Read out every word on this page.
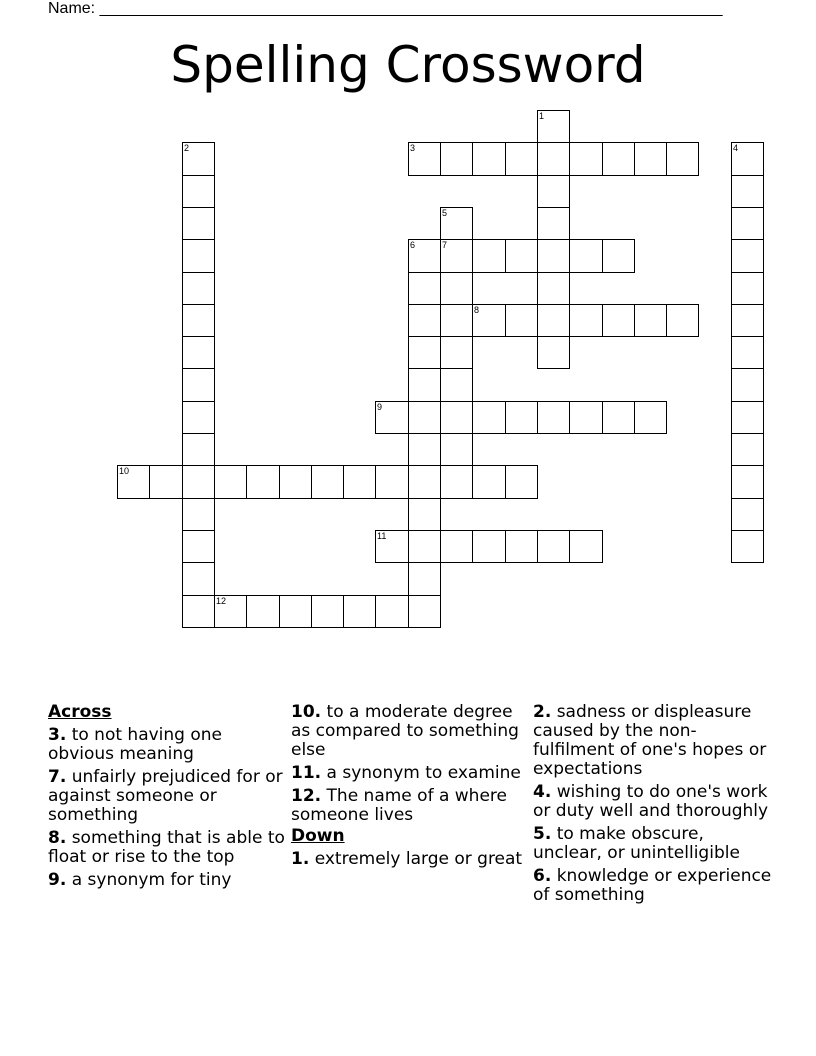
Name: ______________________________________________________________________
Spelling Crossword
1
2	3	4
5
7
6
8
9
10
11
12
Across
3. to not having one obvious meaning
7. unfairly prejudiced for or against someone or something
8. something that is able to float or rise to the top
9. a synonym for tiny
10. to a moderate degree as compared to something else
11. a synonym to examine
12. The name of a where someone lives
Down
1. extremely large or great
2. sadness or displeasure caused by the non-fulfilment of one's hopes or expectations
4. wishing to do one's work or duty well and thoroughly
5. to make obscure, unclear, or unintelligible
6. knowledge or experience of something
